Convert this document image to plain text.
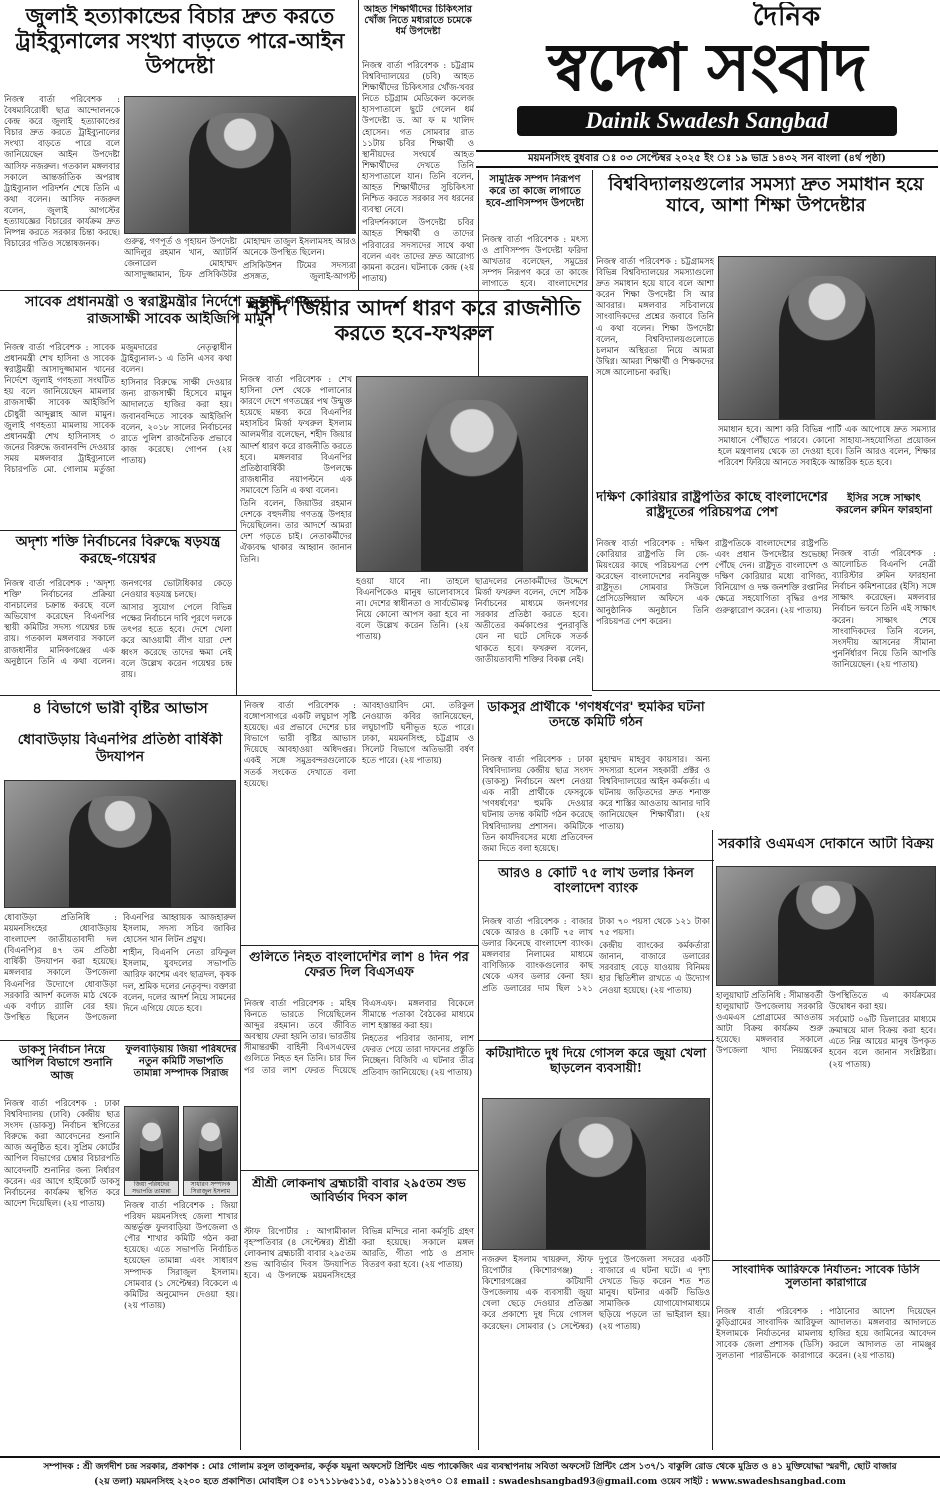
দৈনিক
স্বদেশ সংবাদ
Dainik Swadesh Sangbad
ময়মনসিংহ বুধবার ঃ ০৩ সেপ্টেম্বর ২০২৫ ইং ঃ ১৯ ভাদ্র ১৪৩২ সন বাংলা (৪র্থ পৃষ্ঠা)
জুলাই হত্যাকান্ডের বিচার দ্রুত করতে ট্রাইব্যুনালের সংখ্যা বাড়তে পারে-আইন উপদেষ্টা

নিজস্ব বার্তা পরিবেশক : বৈষম্যবিরোধী ছাত্র আন্দোলনকে কেন্দ্র করে জুলাই হত্যাকাণ্ডের বিচার দ্রুত করতে ট্রাইব্যুনালের সংখ্যা বাড়তে পারে বলে জানিয়েছেন আইন উপদেষ্টা আসিফ নজরুল। গতকাল মঙ্গলবার সকালে আন্তর্জাতিক অপরাধ ট্রাইব্যুনাল পরিদর্শন শেষে তিনি এ কথা বলেন। আসিফ নজরুল বলেন, জুলাই আগস্টের হত্যাযজ্ঞের বিচারের কার্যক্রম দ্রুত নিষ্পন্ন করতে সরকার চিন্তা করছে। বিচারের গতিও সন্তোষজনক।	গুরুত্ব, গণপূর্ত ও গৃহায়ন উপদেষ্টা আদিলুর রহমান খান, অ্যাটর্নি জেনারেল মোহাম্মদ আসাদুজ্জামান, চিফ প্রসিকিউটর মোহাম্মদ তাজুল ইসলামসহ আরও অনেকে উপস্থিত ছিলেন।

প্রসিকিউশন টিমের সদস্যরা প্রসঙ্গত, জুলাই-আগস্ট

আহত শিক্ষার্থীদের চিকিৎসার খোঁজ নিতে মধ্যরাতে চমেকে ধর্ম উপদেষ্টা

নিজস্ব বার্তা পরিবেশক : চট্টগ্রাম বিশ্ববিদ্যালয়ের (চবি) আহত শিক্ষার্থীদের চিকিৎসার খোঁজ-খবর নিতে চট্টগ্রাম মেডিকেল কলেজ হাসপাতালে ছুটে গেলেন ধর্ম উপদেষ্টা ড. আ ফ ম খালিদ হোসেন। গত সোমবার রাত ১১টায় চবির শিক্ষার্থী ও স্থানীয়দের সংঘর্ষে আহত শিক্ষার্থীদের দেখতে তিনি হাসপাতালে যান। তিনি বলেন, আহত শিক্ষার্থীদের সুচিকিৎসা নিশ্চিত করতে সরকার সব ধরনের ব্যবস্থা নেবে।

পরিদর্শনকালে উপদেষ্টা চবির আহত শিক্ষার্থী ও তাদের পরিবারের সদস্যদের সাথে কথা বলেন এবং তাদের দ্রুত আরোগ্য কামনা করেন। ঘটনাকে কেন্দ্র (২য় পাতায়)

সাবেক প্রধানমন্ত্রী ও স্বরাষ্ট্রমন্ত্রীর নির্দেশে জুলাই গণহত্যা-রাজসাক্ষী সাবেক আইজিপি মামুন

নিজস্ব বার্তা পরিবেশক : সাবেক প্রধানমন্ত্রী শেখ হাসিনা ও সাবেক স্বরাষ্ট্রমন্ত্রী আসাদুজ্জামান খানের নির্দেশে জুলাই গণহত্যা সংঘটিত হয় বলে জানিয়েছেন মামলার রাজসাক্ষী সাবেক আইজিপি চৌধুরী আব্দুল্লাহ আল মামুন। জুলাই গণহত্যা মামলায় সাবেক প্রধানমন্ত্রী শেখ হাসিনাসহ ৩ জনের বিরুদ্ধে জবানবন্দি দেওয়ার সময় মঙ্গলবার ট্রাইব্যুনালে বিচারপতি মো. গোলাম মর্তুজা মজুমদারের নেতৃত্বাধীন ট্রাইব্যুনাল-১ এ তিনি এসব কথা বলেন।

হাসিনার বিরুদ্ধে সাক্ষী দেওয়ার জন্য রাজসাক্ষী হিসেবে মামুন আদালতে হাজির করা হয়। জবানবন্দিতে সাবেক আইজিপি বলেন, ২০১৮ সালের নির্বাচনের রাতে পুলিশ রাজনৈতিক প্রভাবে কাজ করেছে। গোপন (২য় পাতায়)

অদৃশ্য শক্তি নির্বাচনের বিরুদ্ধে ষড়যন্ত্র করছে-গয়েশ্বর

নিজস্ব বার্তা পরিবেশক : 'অদৃশ্য শক্তি' নির্বাচনের প্রক্রিয়া বানচালের চক্রান্ত করছে বলে অভিযোগ করেছেন বিএনপির স্থায়ী কমিটির সদস্য গয়েশ্বর চন্দ্র রায়। গতকাল মঙ্গলবার সকালে রাজধানীর মানিকগঞ্জের এক অনুষ্ঠানে তিনি এ কথা বলেন। জনগণের ভোটাধিকার কেড়ে নেওয়ার ষড়যন্ত্র চলছে।

আসার সুযোগ পেলে বিভিন্ন পক্ষের নির্বাচনে দাবি পূরণে দলকে তৎপর হতে হবে। দেশে খেলা করে আওয়ামী লীগ যারা দেশ ধ্বংস করেছে তাদের ক্ষমা নেই বলে উল্লেখ করেন গয়েশ্বর চন্দ্র রায়।

শহীদ জিয়ার আদর্শ ধারণ করে রাজনীতি করতে হবে-ফখরুল

নিজস্ব বার্তা পরিবেশক : শেখ হাসিনা দেশ থেকে পালানোর কারণে দেশে গণতন্ত্রের পথ উন্মুক্ত হয়েছে মন্তব্য করে বিএনপির মহাসচিব মির্জা ফখরুল ইসলাম আলমগীর বলেছেন, শহীদ জিয়ার আদর্শ ধারণ করে রাজনীতি করতে হবে। মঙ্গলবার বিএনপির প্রতিষ্ঠাবার্ষিকী উপলক্ষে রাজধানীর নয়াপল্টনে এক সমাবেশে তিনি এ কথা বলেন।

তিনি বলেন, জিয়াউর রহমান দেশকে বহুদলীয় গণতন্ত্র উপহার দিয়েছিলেন। তার আদর্শে আমরা দেশ গড়তে চাই। নেতাকর্মীদের ঐক্যবদ্ধ থাকার আহ্বান জানান তিনি।

হওয়া যাবে না। তাহলে বিএনপিকেও মানুষ ভালোবাসবে না। দেশের স্বাধীনতা ও সার্বভৌমত্ব নিয়ে কোনো আপস করা হবে না বলে উল্লেখ করেন তিনি। (২য় পাতায়)

ছাত্রদলের নেতাকর্মীদের উদ্দেশে মির্জা ফখরুল বলেন, দেশে সঠিক নির্বাচনের মাধ্যমে জনগণের সরকার প্রতিষ্ঠা করতে হবে। অতীতের কর্মকাণ্ডের পুনরাবৃত্তি যেন না ঘটে সেদিকে সতর্ক থাকতে হবে। ফখরুল বলেন, জাতীয়তাবাদী শক্তির বিকল্প নেই।

সামুদ্রিক সম্পদ নিরূপণ করে তা কাজে লাগাতে হবে-প্রাণিসম্পদ উপদেষ্টা

নিজস্ব বার্তা পরিবেশক : মৎস্য ও প্রাণিসম্পদ উপদেষ্টা ফরিদা আখতার বলেছেন, সমুদ্রের সম্পদ নিরূপণ করে তা কাজে লাগাতে হবে। বাংলাদেশের

বিশ্ববিদ্যালয়গুলোর সমস্যা দ্রুত সমাধান হয়ে যাবে, আশা শিক্ষা উপদেষ্টার

নিজস্ব বার্তা পরিবেশক : চট্টগ্রামসহ বিভিন্ন বিশ্ববিদ্যালয়ের সমস্যাগুলো দ্রুত সমাধান হয়ে যাবে বলে আশা করেন শিক্ষা উপদেষ্টা সি আর আবরার। মঙ্গলবার সচিবালয়ে সাংবাদিকদের প্রশ্নের জবাবে তিনি এ কথা বলেন। শিক্ষা উপদেষ্টা বলেন, বিশ্ববিদ্যালয়গুলোতে চলমান অস্থিরতা নিয়ে আমরা উদ্বিগ্ন। আমরা শিক্ষার্থী ও শিক্ষকদের সঙ্গে আলোচনা করছি।

সমাধান হবে। আশা করি বিভিন্ন পার্টি এক আপোষে দ্রুত সমস্যার সমাধানে পৌঁছাতে পারবে। কোনো সাহায্য-সহযোগিতা প্রয়োজন হলে মন্ত্রণালয় থেকে তা দেওয়া হবে। তিনি আরও বলেন, শিক্ষার পরিবেশ ফিরিয়ে আনতে সবাইকে আন্তরিক হতে হবে।

দক্ষিণ কোরিয়ার রাষ্ট্রপতির কাছে বাংলাদেশের রাষ্ট্রদূতের পরিচয়পত্র পেশ

নিজস্ব বার্তা পরিবেশক : দক্ষিণ কোরিয়ার রাষ্ট্রপতি লি জে-মিয়ংয়ের কাছে পরিচয়পত্র পেশ করেছেন বাংলাদেশের নবনিযুক্ত রাষ্ট্রদূত। সোমবার সিউলে প্রেসিডেন্সিয়াল অফিসে এক আনুষ্ঠানিক অনুষ্ঠানে তিনি পরিচয়পত্র পেশ করেন।

রাষ্ট্রপতিকে বাংলাদেশের রাষ্ট্রপতি এবং প্রধান উপদেষ্টার শুভেচ্ছা পৌঁছে দেন। রাষ্ট্রদূত বাংলাদেশ ও দক্ষিণ কোরিয়ার মধ্যে বাণিজ্য, বিনিয়োগ ও দক্ষ জনশক্তি রপ্তানির ক্ষেত্রে সহযোগিতা বৃদ্ধির ওপর গুরুত্বারোপ করেন। (২য় পাতায়)

ইসির সঙ্গে সাক্ষাৎ করলেন রুমিন ফারহানা

নিজস্ব বার্তা পরিবেশক : আলোচিত বিএনপি নেত্রী ব্যারিস্টার রুমিন ফারহানা নির্বাচন কমিশনারের (ইসি) সঙ্গে সাক্ষাৎ করেছেন। মঙ্গলবার নির্বাচন ভবনে তিনি এই সাক্ষাৎ করেন। সাক্ষাৎ শেষে সাংবাদিকদের তিনি বলেন, সংসদীয় আসনের সীমানা পুনর্নির্ধারণ নিয়ে তিনি আপত্তি জানিয়েছেন। (২য় পাতায়)

৪ বিভাগে ভারী বৃষ্টির আভাস	নিজস্ব বার্তা পরিবেশক : বঙ্গোপসাগরে একটি লঘুচাপ সৃষ্টি হয়েছে। এর প্রভাবে দেশের চার বিভাগে ভারী বৃষ্টির আভাস দিয়েছে আবহাওয়া অধিদপ্তর। একই সঙ্গে সমুদ্রবন্দরগুলোকে সতর্ক সংকেত দেখাতে বলা হয়েছে।

আবহাওয়াবিদ মো. তরিকুল নেওয়াজ কবির জানিয়েছেন, লঘুচাপটি ঘনীভূত হতে পারে। ঢাকা, ময়মনসিংহ, চট্টগ্রাম ও সিলেট বিভাগে অতিভারী বর্ষণ হতে পারে। (২য় পাতায়)

ধোবাউড়ায় বিএনপির প্রতিষ্ঠা বার্ষিকী উদযাপন

ধোবাউড়া প্রতিনিধি : ময়মনসিংহের ধোবাউড়ায় বাংলাদেশ জাতীয়তাবাদী দল (বিএনপি)র ৪৭ তম প্রতিষ্ঠা বার্ষিকী উদযাপন করা হয়েছে। মঙ্গলবার সকালে উপজেলা বিএনপির উদ্যোগে ধোবাউড়া সরকারি আদর্শ কলেজ মাঠ থেকে এক বর্ণাঢ্য র‍্যালি বের হয়। উপস্থিত ছিলেন উপজেলা বিএনপির আহ্বায়ক আজহারুল ইসলাম, সদস্য সচিব জাকির হোসেন খান লিটন প্রমুখ।

শাহীন, বিএনপি নেতা রফিকুল ইসলাম, যুবদলের সভাপতি আরিফ কাশেম এবং ছাত্রদল, কৃষক দল, শ্রমিক দলের নেতৃবৃন্দ। বক্তারা বলেন, দলের আদর্শ নিয়ে সামনের দিনে এগিয়ে যেতে হবে।

ডাকসু নির্বাচন নিয়ে আপিল বিভাগে শুনানি আজ

নিজস্ব বার্তা পরিবেশক : ঢাকা বিশ্ববিদ্যালয় (ঢাবি) কেন্দ্রীয় ছাত্র সংসদ (ডাকসু) নির্বাচন স্থগিতের বিরুদ্ধে করা আবেদনের শুনানি আজ অনুষ্ঠিত হবে। সুপ্রিম কোর্টের আপিল বিভাগের চেম্বার বিচারপতি আবেদনটি শুনানির জন্য নির্ধারণ করেন। এর আগে হাইকোর্ট ডাকসু নির্বাচনের কার্যক্রম স্থগিত করে আদেশ দিয়েছিল। (২য় পাতায়)

ফুলবাড়িয়ায় জিয়া পরিষদের নতুন কমিটি সভাপতি তামান্না সম্পাদক সিরাজ
জিয়া পরিষদের সভাপতি তামান্না
সাধারণ সম্পাদক সিরাজুল ইসলাম

নিজস্ব বার্তা পরিবেশক : জিয়া পরিষদ ময়মনসিংহ জেলা শাখার অন্তর্ভুক্ত ফুলবাড়িয়া উপজেলা ও পৌর শাখার কমিটি গঠন করা হয়েছে। এতে সভাপতি নির্বাচিত হয়েছেন তামান্না এবং সাধারণ সম্পাদক সিরাজুল ইসলাম। সোমবার (১ সেপ্টেম্বর) বিকেলে এ কমিটির অনুমোদন দেওয়া হয়। (২য় পাতায়)

ডাকসুর প্রার্থীকে 'গণধর্ষণের' হুমকির ঘটনা তদন্তে কমিটি গঠন

নিজস্ব বার্তা পরিবেশক : ঢাকা বিশ্ববিদ্যালয় কেন্দ্রীয় ছাত্র সংসদ (ডাকসু) নির্বাচনে অংশ নেওয়া এক নারী প্রার্থীকে ফেসবুকে 'গণধর্ষণের' হুমকি দেওয়ার ঘটনায় তদন্ত কমিটি গঠন করেছে বিশ্ববিদ্যালয় প্রশাসন। কমিটিকে তিন কার্যদিবসের মধ্যে প্রতিবেদন জমা দিতে বলা হয়েছে।

মুহাম্মদ মাহবুব কায়সার। অন্য সদস্যরা হলেন সহকারী প্রক্টর ও বিশ্ববিদ্যালয়ের আইন কর্মকর্তা। এ ঘটনায় জড়িতদের দ্রুত শনাক্ত করে শাস্তির আওতায় আনার দাবি জানিয়েছেন শিক্ষার্থীরা। (২য় পাতায়)

সরকারি ওএমএস দোকানে আটা বিক্রয়

হালুয়াঘাট প্রতিনিধি : সীমান্তবর্তী হালুয়াঘাট উপজেলায় সরকারি ওএমএস প্রোগ্রামের আওতায় আটা বিক্রয় কার্যক্রম শুরু হয়েছে। মঙ্গলবার সকালে উপজেলা খাদ্য নিয়ন্ত্রকের উপস্থিতিতে এ কার্যক্রমের উদ্বোধন করা হয়।

সর্বমোট ০৬টি ডিলারের মাধ্যমে ক্রমান্বয়ে মাল বিক্রয় করা হবে। এতে নিম্ন আয়ের মানুষ উপকৃত হবেন বলে জানান সংশ্লিষ্টরা। (২য় পাতায়)

সাংবাদিক আরিফকে নির্যাতন: সাবেক ডিসি সুলতানা কারাগারে

নিজস্ব বার্তা পরিবেশক : কুড়িগ্রামের সাংবাদিক আরিফুল ইসলামকে নির্যাতনের মামলায় সাবেক জেলা প্রশাসক (ডিসি) সুলতানা পারভীনকে কারাগারে পাঠানোর আদেশ দিয়েছেন আদালত। মঙ্গলবার আদালতে হাজির হয়ে জামিনের আবেদন করলে আদালত তা নামঞ্জুর করেন। (২য় পাতায়)

গুলিতে নিহত বাংলাদেশির লাশ ৪ দিন পর ফেরত দিল বিএসএফ

নিজস্ব বার্তা পরিবেশক : মহিষ কিনতে ভারতে গিয়েছিলেন আব্দুর রহমান। তবে জীবিত অবস্থায় ফেরা হয়নি তার। ভারতীয় সীমান্তরক্ষী বাহিনী বিএসএফের গুলিতে নিহত হন তিনি। চার দিন পর তার লাশ ফেরত দিয়েছে বিএসএফ। মঙ্গলবার বিকেলে সীমান্তে পতাকা বৈঠকের মাধ্যমে লাশ হস্তান্তর করা হয়।

নিহতের পরিবার জানায়, লাশ ফেরত পেয়ে তারা দাফনের প্রস্তুতি নিচ্ছেন। বিজিবি এ ঘটনার তীব্র প্রতিবাদ জানিয়েছে। (২য় পাতায়)

আরও ৪ কোটি ৭৫ লাখ ডলার কিনল বাংলাদেশ ব্যাংক

নিজস্ব বার্তা পরিবেশক : বাজার থেকে আরও ৪ কোটি ৭৫ লাখ ডলার কিনেছে বাংলাদেশ ব্যাংক। মঙ্গলবার নিলামের মাধ্যমে বাণিজ্যিক ব্যাংকগুলোর কাছ থেকে এসব ডলার কেনা হয়। প্রতি ডলারের দাম ছিল ১২১ টাকা ৭০ পয়সা থেকে ১২১ টাকা ৭৫ পয়সা।

কেন্দ্রীয় ব্যাংকের কর্মকর্তারা জানান, বাজারে ডলারের সরবরাহ বেড়ে যাওয়ায় বিনিময় হার স্থিতিশীল রাখতে এ উদ্যোগ নেওয়া হয়েছে। (২য় পাতায়)

কটিয়াদীতে দুধ দিয়ে গোসল করে জুয়া খেলা ছাড়লেন ব্যবসায়ী!

নজরুল ইসলাম খায়রুল, স্টাফ রিপোর্টার (কিশোরগঞ্জ) : কিশোরগঞ্জের কটিয়াদী উপজেলায় এক ব্যবসায়ী জুয়া খেলা ছেড়ে দেওয়ার প্রতিজ্ঞা করে প্রকাশ্যে দুধ দিয়ে গোসল করেছেন। সোমবার (১ সেপ্টেম্বর) দুপুরে উপজেলা সদরের একটি বাজারে এ ঘটনা ঘটে। এ দৃশ্য দেখতে ভিড় করেন শত শত মানুষ। ঘটনার একটি ভিডিও সামাজিক যোগাযোগমাধ্যমে ছড়িয়ে পড়লে তা ভাইরাল হয়। (২য় পাতায়)

শ্রীশ্রী লোকনাথ ব্রহ্মচারী বাবার ২৯৫তম শুভ আবির্ভাব দিবস কাল

স্টাফ রিপোর্টার : আগামীকাল বৃহস্পতিবার (৪ সেপ্টেম্বর) শ্রীশ্রী লোকনাথ ব্রহ্মচারী বাবার ২৯৫তম শুভ আবির্ভাব দিবস উদযাপিত হবে। এ উপলক্ষে ময়মনসিংহের বিভিন্ন মন্দিরে নানা কর্মসূচি গ্রহণ করা হয়েছে। সকালে মঙ্গল আরতি, গীতা পাঠ ও প্রসাদ বিতরণ করা হবে। (২য় পাতায়)

সম্পাদক : শ্রী জগদীশ চন্দ্র সরকার, প্রকাশক : মোঃ গোলাম রসুল তালুকদার, কর্তৃক যমুনা অফসেট প্রিন্টিং এন্ড প্যাকেজিং এর ব্যবস্থাপনায় সবিতা অফসেট প্রিন্টিং প্রেস ১৩৭/১ বাকুলি রোড থেকে মুদ্রিত ও ৪১ মুক্তিযোদ্ধা স্মরণী, ছোট বাজার
(২য় তলা) ময়মনসিংহ ২২০০ হতে প্রকাশিত। মোবাইল ঃ ০১৭১১৮৬৫১১৫, ০১৯১১১৪২৩৭০ ঃ email : swadeshsangbad93@gmail.com ওয়েব সাইট : www.swadeshsangbad.com
